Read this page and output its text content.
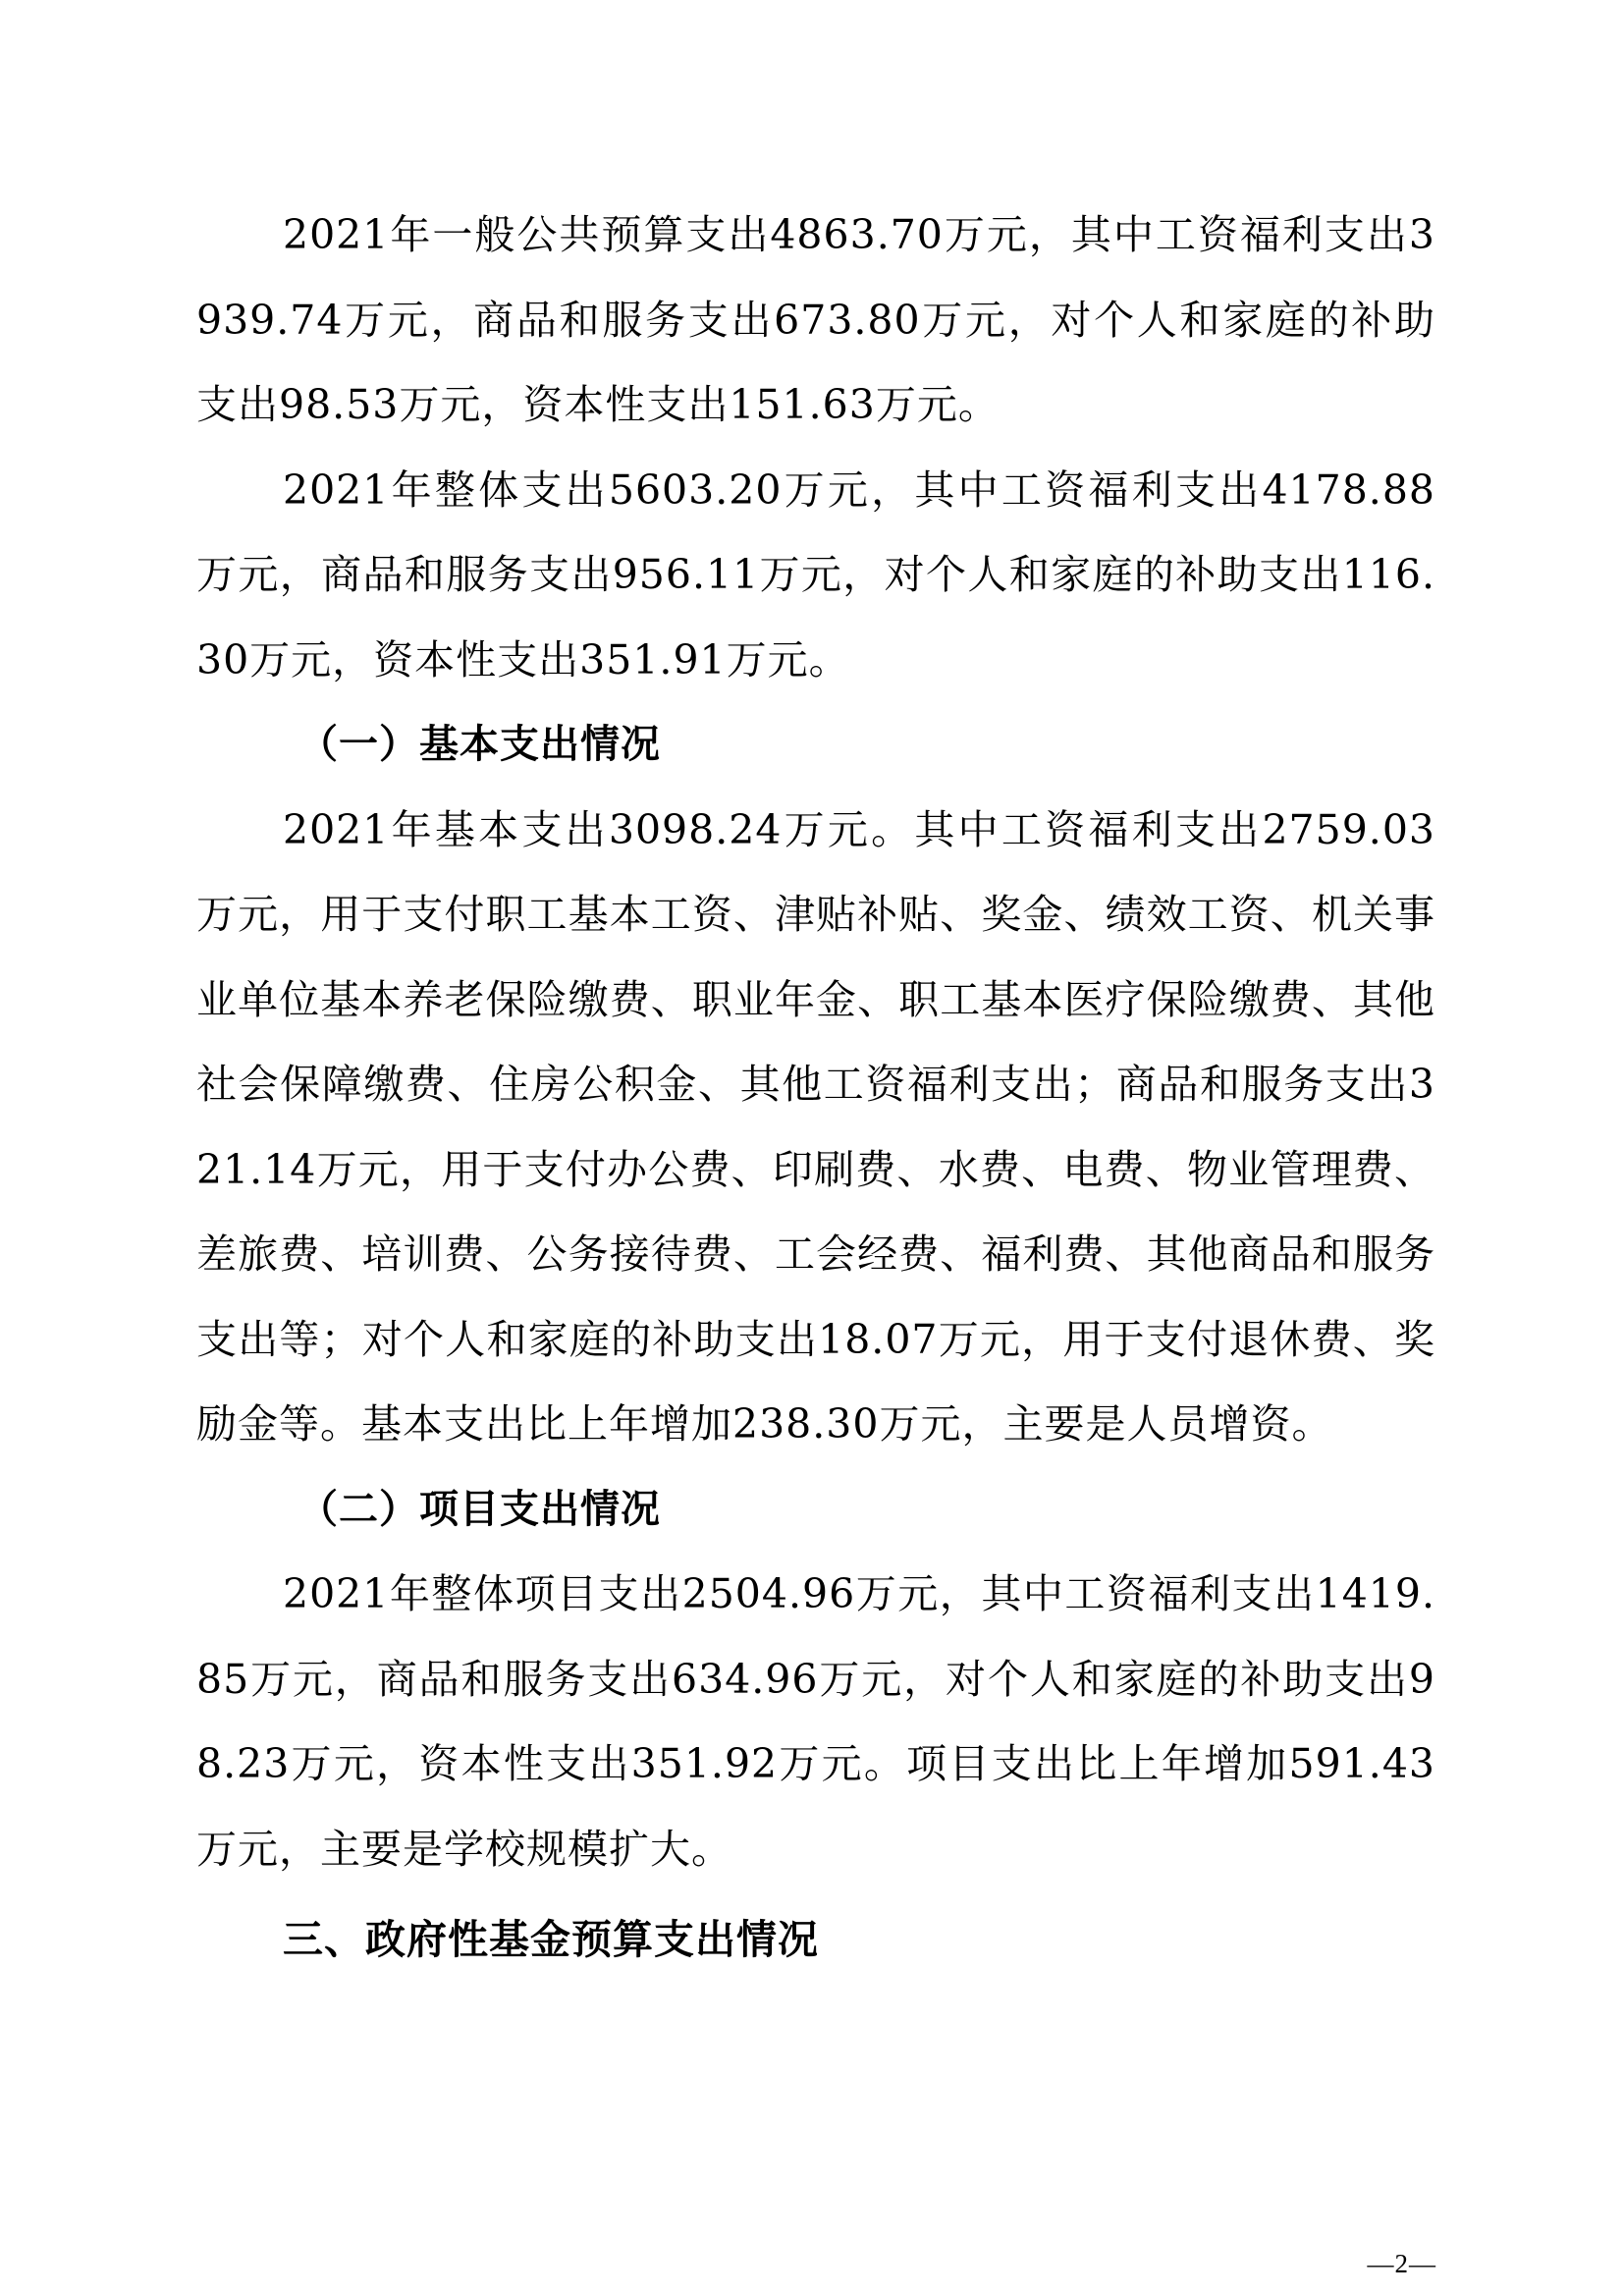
2021年一般公共预算支出4863.70万元，其中工资福利支出3939.74万元，商品和服务支出673.80万元，对个人和家庭的补助支出98.53万元，资本性支出151.63万元。

2021年整体支出5603.20万元，其中工资福利支出4178.88万元，商品和服务支出956.11万元，对个人和家庭的补助支出116.30万元，资本性支出351.91万元。

（一）基本支出情况

2021年基本支出3098.24万元。其中工资福利支出2759.03万元，用于支付职工基本工资、津贴补贴、奖金、绩效工资、机关事业单位基本养老保险缴费、职业年金、职工基本医疗保险缴费、其他社会保障缴费、住房公积金、其他工资福利支出；商品和服务支出321.14万元，用于支付办公费、印刷费、水费、电费、物业管理费、差旅费、培训费、公务接待费、工会经费、福利费、其他商品和服务支出等；对个人和家庭的补助支出18.07万元，用于支付退休费、奖励金等。基本支出比上年增加238.30万元，主要是人员增资。

（二）项目支出情况

2021年整体项目支出2504.96万元，其中工资福利支出1419.85万元，商品和服务支出634.96万元，对个人和家庭的补助支出98.23万元，资本性支出351.92万元。项目支出比上年增加591.43万元，主要是学校规模扩大。

三、政府性基金预算支出情况

—2—
